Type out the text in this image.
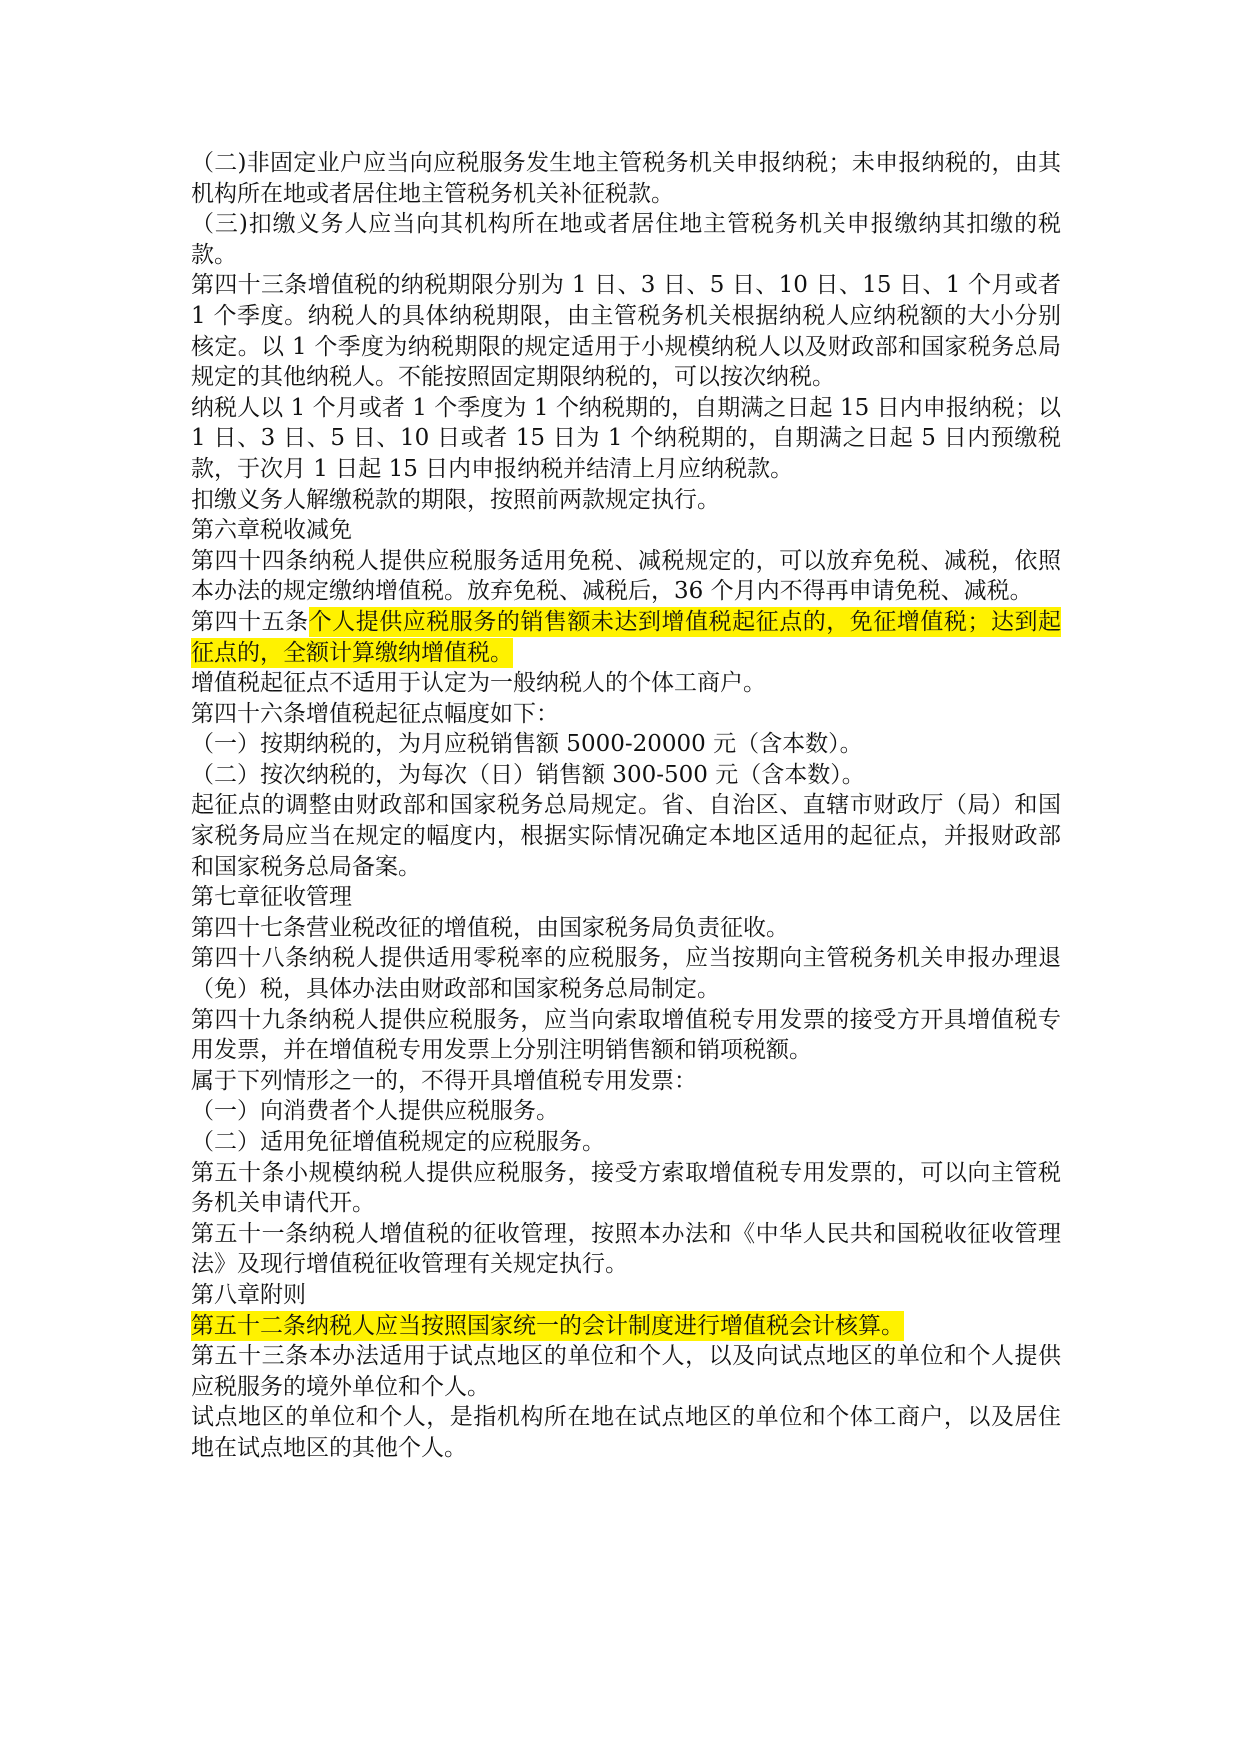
（二)非固定业户应当向应税服务发生地主管税务机关申报纳税；未申报纳税的，由其机构所在地或者居住地主管税务机关补征税款。

（三)扣缴义务人应当向其机构所在地或者居住地主管税务机关申报缴纳其扣缴的税款。

第四十三条增值税的纳税期限分别为 1 日、3 日、5 日、10 日、15 日、1 个月或者 1 个季度。纳税人的具体纳税期限，由主管税务机关根据纳税人应纳税额的大小分别核定。以 1 个季度为纳税期限的规定适用于小规模纳税人以及财政部和国家税务总局规定的其他纳税人。不能按照固定期限纳税的，可以按次纳税。

纳税人以 1 个月或者 1 个季度为 1 个纳税期的，自期满之日起 15 日内申报纳税；以 1 日、3 日、5 日、10 日或者 15 日为 1 个纳税期的，自期满之日起 5 日内预缴税款，于次月 1 日起 15 日内申报纳税并结清上月应纳税款。

扣缴义务人解缴税款的期限，按照前两款规定执行。

第六章税收减免

第四十四条纳税人提供应税服务适用免税、减税规定的，可以放弃免税、减税，依照本办法的规定缴纳增值税。放弃免税、减税后，36 个月内不得再申请免税、减税。

第四十五条个人提供应税服务的销售额未达到增值税起征点的，免征增值税；达到起征点的，全额计算缴纳增值税。

增值税起征点不适用于认定为一般纳税人的个体工商户。

第四十六条增值税起征点幅度如下：

（一）按期纳税的，为月应税销售额 5000-20000 元（含本数）。

（二）按次纳税的，为每次（日）销售额 300-500 元（含本数）。

起征点的调整由财政部和国家税务总局规定。省、自治区、直辖市财政厅（局）和国家税务局应当在规定的幅度内，根据实际情况确定本地区适用的起征点，并报财政部和国家税务总局备案。

第七章征收管理

第四十七条营业税改征的增值税，由国家税务局负责征收。

第四十八条纳税人提供适用零税率的应税服务，应当按期向主管税务机关申报办理退（免）税，具体办法由财政部和国家税务总局制定。

第四十九条纳税人提供应税服务，应当向索取增值税专用发票的接受方开具增值税专用发票，并在增值税专用发票上分别注明销售额和销项税额。

属于下列情形之一的，不得开具增值税专用发票：

（一）向消费者个人提供应税服务。

（二）适用免征增值税规定的应税服务。

第五十条小规模纳税人提供应税服务，接受方索取增值税专用发票的，可以向主管税务机关申请代开。

第五十一条纳税人增值税的征收管理，按照本办法和《中华人民共和国税收征收管理法》及现行增值税征收管理有关规定执行。

第八章附则

第五十二条纳税人应当按照国家统一的会计制度进行增值税会计核算。

第五十三条本办法适用于试点地区的单位和个人，以及向试点地区的单位和个人提供应税服务的境外单位和个人。

试点地区的单位和个人，是指机构所在地在试点地区的单位和个体工商户，以及居住地在试点地区的其他个人。
